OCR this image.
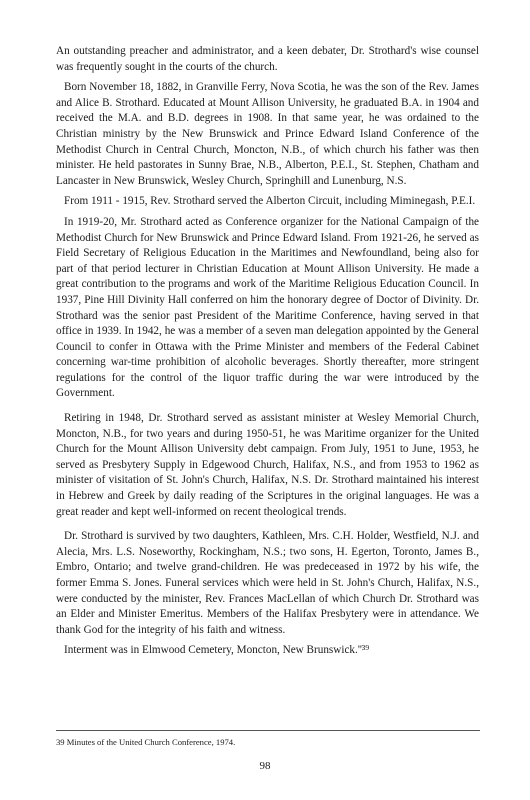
An outstanding preacher and administrator, and a keen debater, Dr. Strothard's wise counsel was frequently sought in the courts of the church.

Born November 18, 1882, in Granville Ferry, Nova Scotia, he was the son of the Rev. James and Alice B. Strothard. Educated at Mount Allison University, he graduated B.A. in 1904 and received the M.A. and B.D. degrees in 1908. In that same year, he was ordained to the Christian ministry by the New Brunswick and Prince Edward Island Conference of the Methodist Church in Central Church, Moncton, N.B., of which church his father was then minister. He held pastorates in Sunny Brae, N.B., Alberton, P.E.I., St. Stephen, Chatham and Lancaster in New Brunswick, Wesley Church, Springhill and Lunenburg, N.S.

From 1911 - 1915, Rev. Strothard served the Alberton Circuit, including Miminegash, P.E.I.

In 1919-20, Mr. Strothard acted as Conference organizer for the National Campaign of the Methodist Church for New Brunswick and Prince Edward Island. From 1921-26, he served as Field Secretary of Religious Education in the Maritimes and Newfoundland, being also for part of that period lecturer in Christian Education at Mount Allison University. He made a great contribution to the programs and work of the Maritime Religious Education Council. In 1937, Pine Hill Divinity Hall conferred on him the honorary degree of Doctor of Divinity. Dr. Strothard was the senior past President of the Maritime Conference, having served in that office in 1939. In 1942, he was a member of a seven man delegation appointed by the General Council to confer in Ottawa with the Prime Minister and members of the Federal Cabinet concerning war-time prohibition of alcoholic beverages. Shortly thereafter, more stringent regulations for the control of the liquor traffic during the war were introduced by the Government.

Retiring in 1948, Dr. Strothard served as assistant minister at Wesley Memorial Church, Moncton, N.B., for two years and during 1950-51, he was Maritime organizer for the United Church for the Mount Allison University debt campaign. From July, 1951 to June, 1953, he served as Presbytery Supply in Edgewood Church, Halifax, N.S., and from 1953 to 1962 as minister of visitation of St. John's Church, Halifax, N.S. Dr. Strothard maintained his interest in Hebrew and Greek by daily reading of the Scriptures in the original languages. He was a great reader and kept well-informed on recent theological trends.

Dr. Strothard is survived by two daughters, Kathleen, Mrs. C.H. Holder, Westfield, N.J. and Alecia, Mrs. L.S. Noseworthy, Rockingham, N.S.; two sons, H. Egerton, Toronto, James B., Embro, Ontario; and twelve grand-children. He was predeceased in 1972 by his wife, the former Emma S. Jones. Funeral services which were held in St. John's Church, Halifax, N.S., were conducted by the minister, Rev. Frances MacLellan of which Church Dr. Strothard was an Elder and Minister Emeritus. Members of the Halifax Presbytery were in attendance. We thank God for the integrity of his faith and witness.

Interment was in Elmwood Cemetery, Moncton, New Brunswick.''³⁹

39 Minutes of the United Church Conference, 1974.

98
